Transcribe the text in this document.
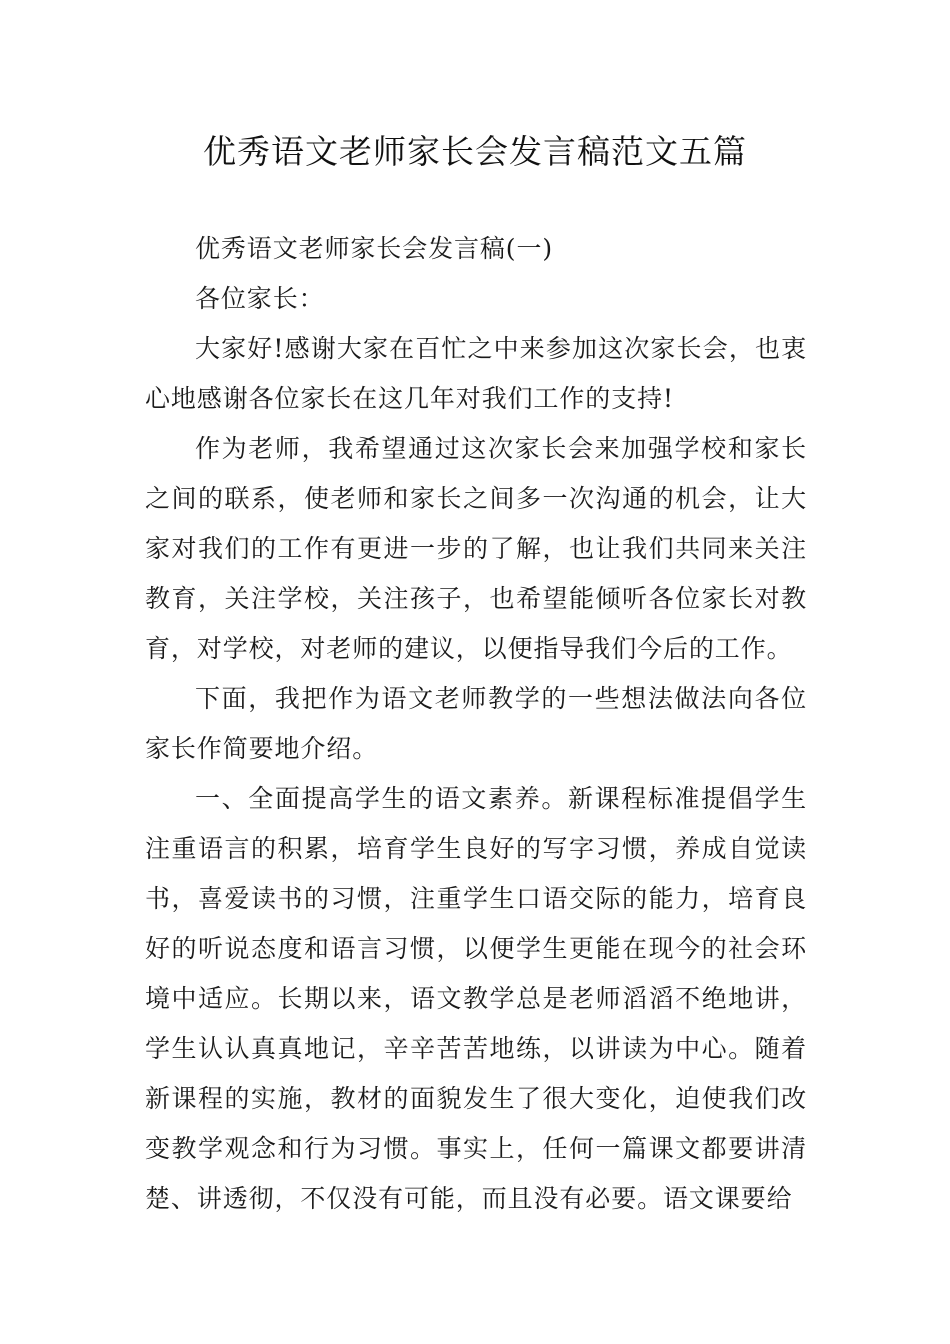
优秀语文老师家长会发言稿范文五篇

优秀语文老师家长会发言稿(一)

各位家长：

大家好!感谢大家在百忙之中来参加这次家长会，也衷心地感谢各位家长在这几年对我们工作的支持!

作为老师，我希望通过这次家长会来加强学校和家长之间的联系，使老师和家长之间多一次沟通的机会，让大家对我们的工作有更进一步的了解，也让我们共同来关注教育，关注学校，关注孩子，也希望能倾听各位家长对教育，对学校，对老师的建议，以便指导我们今后的工作。

下面，我把作为语文老师教学的一些想法做法向各位家长作简要地介绍。

一、全面提高学生的语文素养。新课程标准提倡学生注重语言的积累，培育学生良好的写字习惯，养成自觉读书，喜爱读书的习惯，注重学生口语交际的能力，培育良好的听说态度和语言习惯，以便学生更能在现今的社会环境中适应。长期以来，语文教学总是老师滔滔不绝地讲，学生认认真真地记，辛辛苦苦地练，以讲读为中心。随着新课程的实施，教材的面貌发生了很大变化，迫使我们改变教学观念和行为习惯。事实上，任何一篇课文都要讲清楚、讲透彻，不仅没有可能，而且没有必要。语文课要给
